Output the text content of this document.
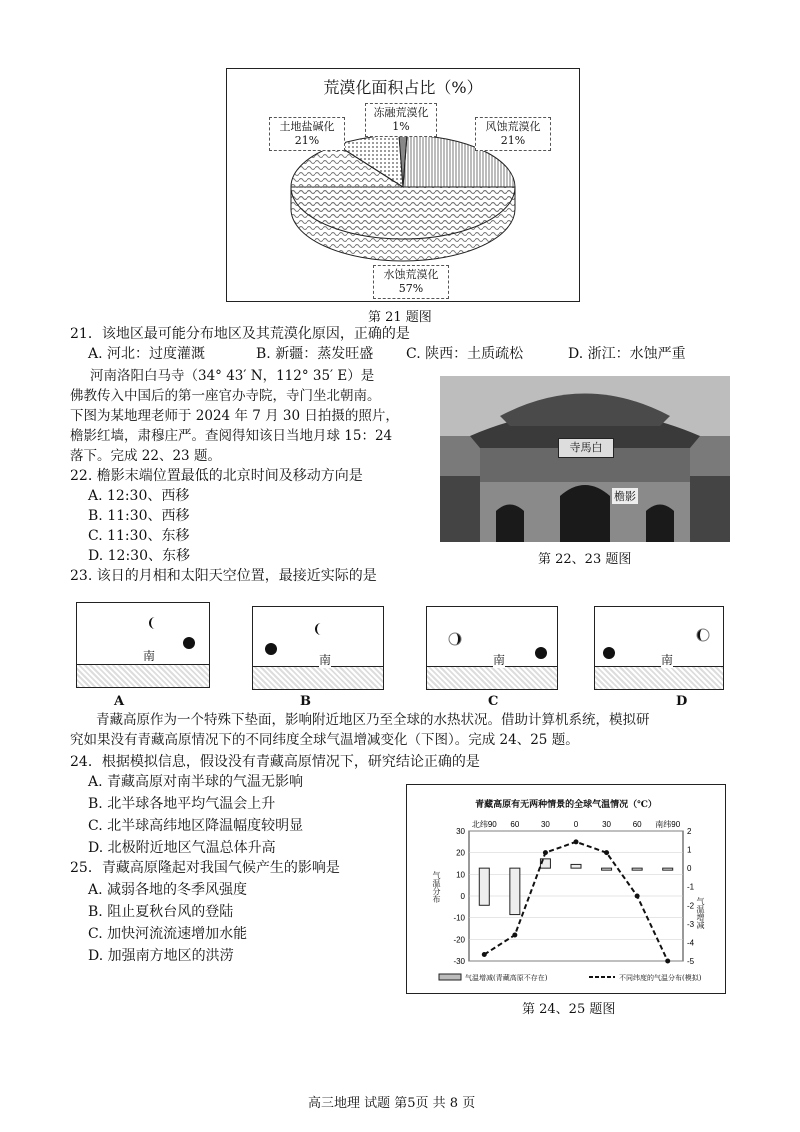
荒漠化面积占比（%）
冻融荒漠化
1%	风蚀荒漠化
21%
土地盐碱化
21%
水蚀荒漠化
57%
第 21 题图
21．该地区最可能分布地区及其荒漠化原因，正确的是
A. 河北：过度灌溉	B. 新疆：蒸发旺盛 C. 陕西：土质疏松	D. 浙江：水蚀严重
河南洛阳白马寺（34° 43′ N，112° 35′ E）是
佛教传入中国后的第一座官办寺院，寺门坐北朝南。
下图为某地理老师于 2024 年 7 月 30 日拍摄的照片，
檐影红墙，肃穆庄严。查阅得知该日当地月球 15：24
落下。完成 22、23 题。
寺馬白
檐影
第 22、23 题图
22. 檐影末端位置最低的北京时间及移动方向是
A. 12:30、西移
B. 11:30、西移
C. 11:30、东移
D. 12:30、东移
23. 该日的月相和太阳天空位置，最接近实际的是
南
A
南
B
南
C
南
D
青藏高原作为一个特殊下垫面，影响附近地区乃至全球的水热状况。借助计算机系统，模拟研
究如果没有青藏高原情况下的不同纬度全球气温增减变化（下图）。完成 24、25 题。
24．根据模拟信息，假设没有青藏高原情况下，研究结论正确的是
A. 青藏高原对南半球的气温无影响
B. 北半球各地平均气温会上升
C. 北半球高纬地区降温幅度较明显
D. 北极附近地区气温总体升高
25．青藏高原隆起对我国气候产生的影响是
A. 减弱各地的冬季风强度
B. 阻止夏秋台风的登陆
C. 加快河流流速增加水能
D. 加强南方地区的洪涝
30
20
10
0
-10
-20
-30
2
1
0
-1
-2
-3
-4
-5
北纬90 60	30	0	30	60 南纬90
青藏高原有无两种情景的全球气温情况（℃）
气温增减(青藏高原不存在)	不同纬度的气温分布(模拟)
气温分布
气温增减
第 24、25 题图
高三地理 试题 第5页 共 8 页
